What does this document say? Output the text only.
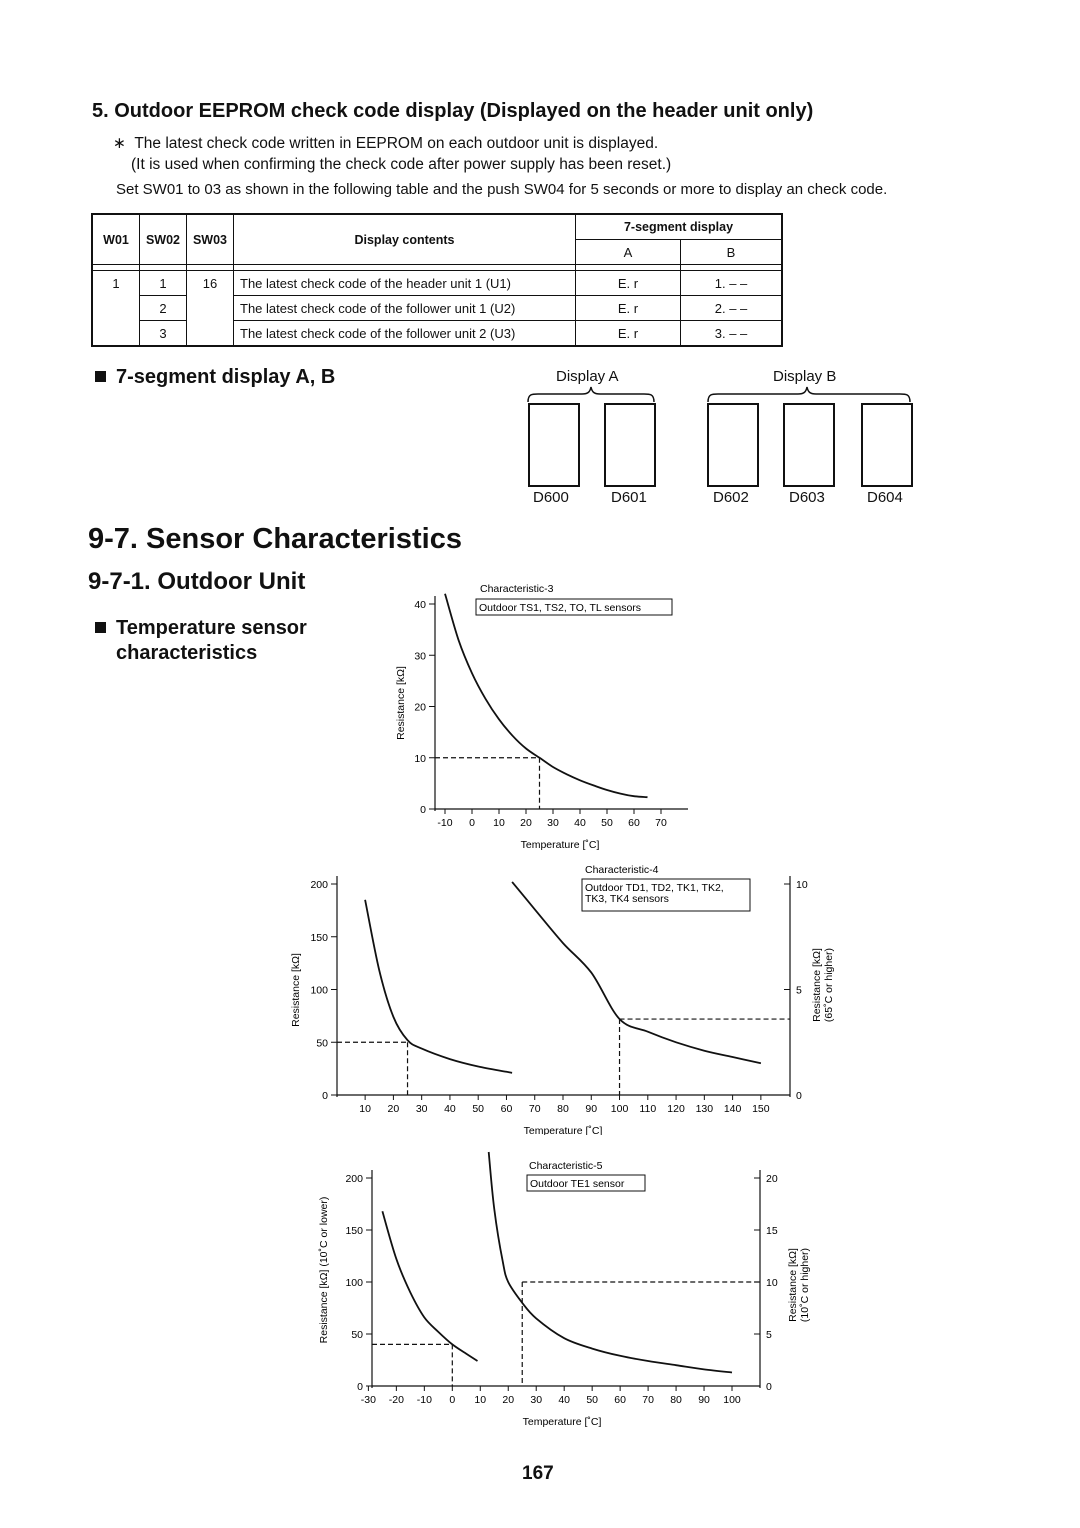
5. Outdoor EEPROM check code display (Displayed on the header unit only)
∗ The latest check code written in EEPROM on each outdoor unit is displayed.
(It is used when confirming the check code after power supply has been reset.)
Set SW01 to 03 as shown in the following table and the push SW04 for 5 seconds or more to display an check code.
W01	SW02	SW03	Display contents	7-segment display	
				A	B

1	1	16	The latest check code of the header unit 1 (U1)	E. r	1. – –
	2		The latest check code of the follower unit 1 (U2)	E. r	2. – –
	3		The latest check code of the follower unit 2 (U3)	E. r	3. – –
7-segment display A, B	Display A	Display B
D600	D601	D602	D603	D604
9-7. Sensor Characteristics
9-7-1. Outdoor Unit
Temperature sensor
characteristics
0
10
20
30
40
-10 0 10 20 30 40 50 60 70
Temperature [˚C]
Resistance [kΩ]
Characteristic-3
Outdoor TS1, TS2, TO, TL sensors
0
50
100
150
200
0
5
10
10 20 30 40 50 60 70 80 90 100 110 120 130 140 150
Temperature [˚C]
Resistance [kΩ]	Resistance [kΩ](65˚C or higher)
Characteristic-4
Outdoor TD1, TD2, TK1, TK2,
TK3, TK4 sensors
0
50
100
150
200
0
5
10
15
20
-30 -20 -10 0 10 20 30 40 50 60 70 80 90 100
Temperature [˚C]
Resistance [kΩ] (10˚C or lower)	Resistance [kΩ](10˚C or higher)
Characteristic-5
Outdoor TE1 sensor
167
